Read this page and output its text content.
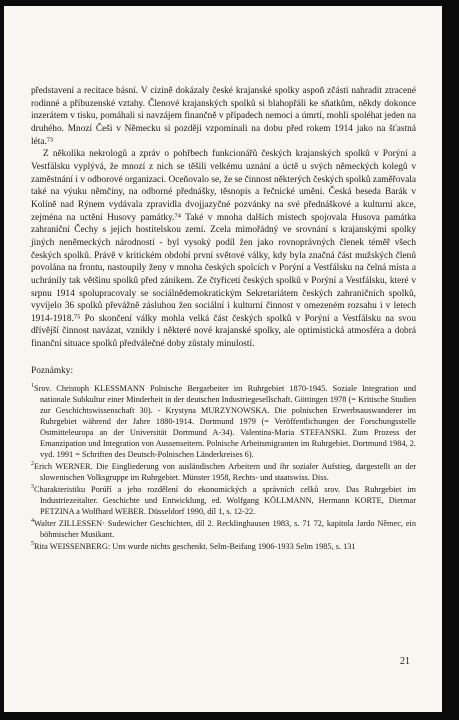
představení a recitace básní. V cizině dokázaly české krajanské spolky aspoň zčásti nahradit ztracené rodinné a příbuzenské vztahy. Členové krajanských spolků si blahopřáli ke sňatkům, někdy dokonce inzerátem v tisku, pomáhali si navzájem finančně v případech nemoci a úmrtí, mohli spoléhat jeden na druhého. Mnozí Češi v Německu si později vzpomínali na dobu před rokem 1914 jako na šťastná léta.⁷³

Z několika nekrologů a zpráv o pohřbech funkcionářů českých krajanských spolků v Porýní a Vestfálsku vyplývá, že mnozí z nich se těšili velkému uznání a úctě u svých německých kolegů v zaměstnání i v odborové organizaci. Oceňovalo se, že se činnost některých českých spolků zaměřovala také na výuku němčiny, na odborné přednášky, těsnopis a řečnické umění. Česká beseda Barák v Kolíně nad Rýnem vydávala zpravidla dvojjazyčné pozvánky na své přednáškové a kulturní akce, zejména na uctění Husovy památky.⁷⁴ Také v mnoha dalších místech spojovala Husova památka zahraniční Čechy s jejich hostitelskou zemí. Zcela mimořádný ve srovnání s krajanskými spolky jiných neněmeckých národností - byl vysoký podíl žen jako rovnoprávných členek téměř všech českých spolků. Právě v kritickém období první světové války, kdy byla značná část mužských členů povolána na frontu, nastoupily ženy v mnoha českých spolcích v Porýní a Vestfálsku na čelná místa a uchránily tak většinu spolků před zánikem. Ze čtyřiceti českých spolků v Porýní a Vestfálsku, které v srpnu 1914 spolupracovaly se sociálnědemokratickým Sekretariátem českých zahraničních spolků, vyvíjelo 36 spolků převážně zásluhou žen sociální i kulturní činnost v omezeném rozsahu i v letech 1914-1918.⁷⁵ Po skončení války mohla velká část českých spolků v Porýní a Vestfálsku na svou dřívější činnost navázat, vznikly i některé nové krajanské spolky, ale optimistická atmosféra a dobrá finanční situace spolků předválečné doby zůstaly minulostí.

Poznámky:
$^1$Srov. Christoph KLESSMANN Polnische Bergarbeiter im Ruhrgebiet 1870-1945. Soziale Integration und nationale Subkultur einer Minderheit in der deutschen Industriegesellschaft. Göttingen 1978 (= Kritische Studien zur Geschichtswissenschaft 30). - Krystyna MURZYNOWSKA. Die polnischen Erwerbsauswanderer im Ruhrgebiet während der Jahre 1880-1914. Dortmund 1979 (= Veröffentlichungen der Forschungsstelle Ostmitteleuropa an der Universität Dortmund A-34). Valentina-Maria STEFANSKI. Zum Prozess der Emanzipation und Integration von Aussenseitern. Polnische Arbeitsmigranten im Ruhrgebiet. Dortmund 1984, 2. vyd. 1991 = Schriften des Deutsch-Polnischen Länderkreises 6).
$^2$Erich WERNER. Die Eingliederung von ausländischen Arbeitern und ihr sozialer Aufstieg, dargestellt an der slowenischen Volksgruppe im Ruhrgebiet. Münster 1958, Rechts- und staatswiss. Diss.
$^3$Charakteristiku Porúří a jeho rozdělení do ekonomických a správních celků srov. Das Ruhrgebiet im Industriezeitalter. Geschichte und Entwicklung, ed. Wolfgang KÖLLMANN, Hermann KORTE, Dietmar PETZINA a Wolfhard WEBER. Düsseldorf 1990, díl 1, s. 12-22.
$^4$Walter ZILLESSEN· Sudewicher Geschichten, díl 2. Recklinghausen 1983, s. 71 72, kapitola Jardo Němec, ein böhmischer Musikant.
$^5$Rita WEISSENBERG: Uns wurde nichts geschenkt. Selm-Beifang 1906-1933 Selm 1985, s. 131
21
